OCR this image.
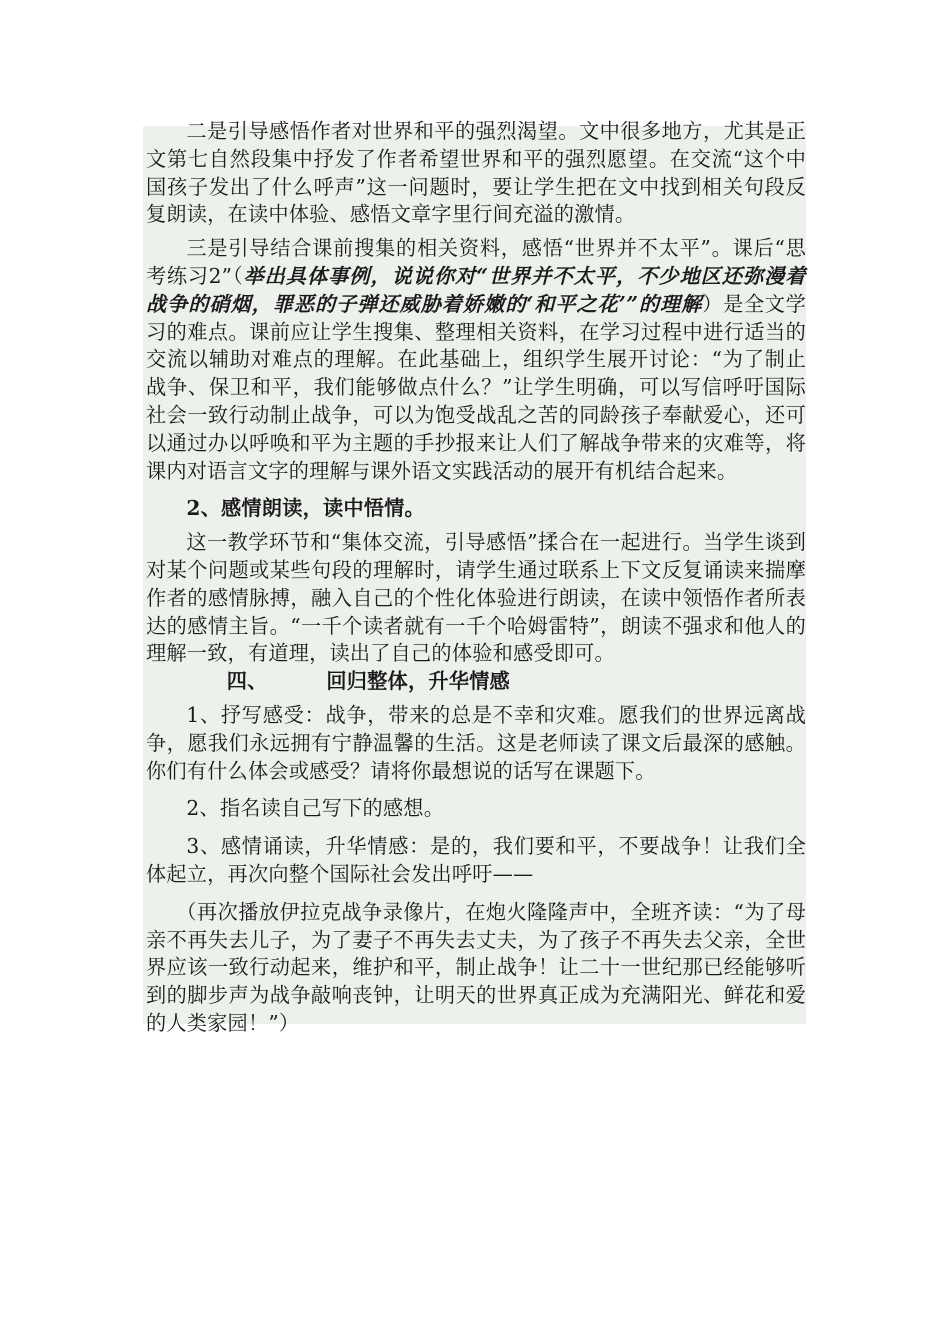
二是引导感悟作者对世界和平的强烈渴望。文中很多地方，尤其是正文第七自然段集中抒发了作者希望世界和平的强烈愿望。在交流“这个中国孩子发出了什么呼声”这一问题时，要让学生把在文中找到相关句段反复朗读，在读中体验、感悟文章字里行间充溢的激情。

三是引导结合课前搜集的相关资料，感悟“世界并不太平”。课后“思考练习2”（举出具体事例，说说你对“世界并不太平，不少地区还弥漫着战争的硝烟，罪恶的子弹还威胁着娇嫩的‘和平之花’”的理解）是全文学习的难点。课前应让学生搜集、整理相关资料，在学习过程中进行适当的交流以辅助对难点的理解。在此基础上，组织学生展开讨论：“为了制止战争、保卫和平，我们能够做点什么？”让学生明确，可以写信呼吁国际社会一致行动制止战争，可以为饱受战乱之苦的同龄孩子奉献爱心，还可以通过办以呼唤和平为主题的手抄报来让人们了解战争带来的灾难等，将课内对语言文字的理解与课外语文实践活动的展开有机结合起来。

2、感情朗读，读中悟情。

这一教学环节和“集体交流，引导感悟”揉合在一起进行。当学生谈到对某个问题或某些句段的理解时，请学生通过联系上下文反复诵读来揣摩作者的感情脉搏，融入自己的个性化体验进行朗读，在读中领悟作者所表达的感情主旨。“一千个读者就有一千个哈姆雷特”，朗读不强求和他人的理解一致，有道理，读出了自己的体验和感受即可。

四、	回归整体，升华情感

1、抒写感受：战争，带来的总是不幸和灾难。愿我们的世界远离战争，愿我们永远拥有宁静温馨的生活。这是老师读了课文后最深的感触。你们有什么体会或感受？请将你最想说的话写在课题下。

2、指名读自己写下的感想。

3、感情诵读，升华情感：是的，我们要和平，不要战争！让我们全体起立，再次向整个国际社会发出呼吁——

（再次播放伊拉克战争录像片，在炮火隆隆声中，全班齐读：“为了母亲不再失去儿子，为了妻子不再失去丈夫，为了孩子不再失去父亲，全世界应该一致行动起来，维护和平，制止战争！让二十一世纪那已经能够听到的脚步声为战争敲响丧钟，让明天的世界真正成为充满阳光、鲜花和爱的人类家园！”）
